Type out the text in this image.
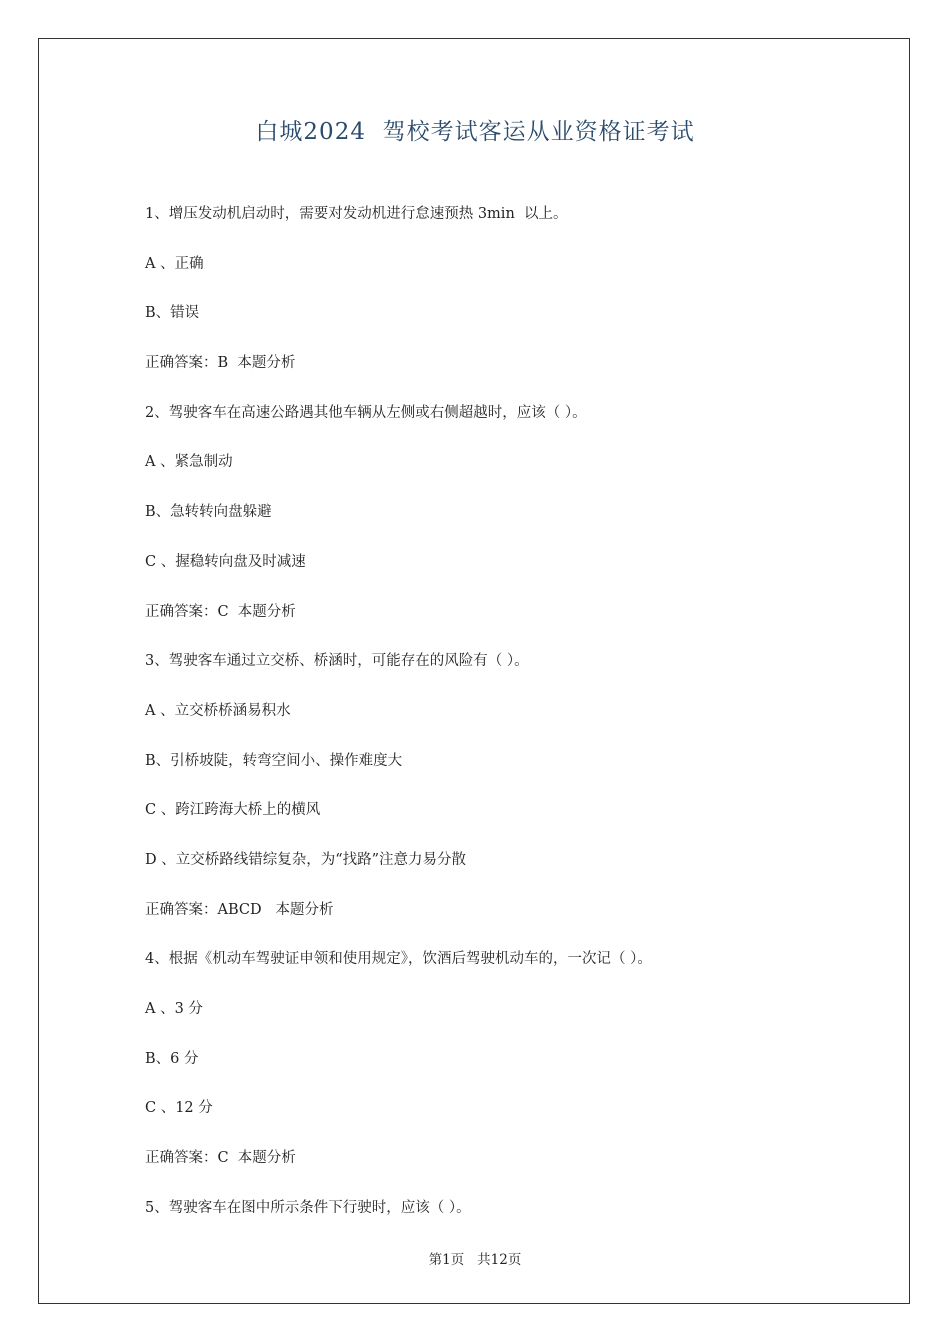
白城2024  驾校考试客运从业资格证考试
1、增压发动机启动时，需要对发动机进行怠速预热 3min  以上。
A 、正确
B、错误
正确答案：B  本题分析
2、驾驶客车在高速公路遇其他车辆从左侧或右侧超越时，应该（ ）。
A 、紧急制动
B、急转转向盘躲避
C 、握稳转向盘及时减速
正确答案：C  本题分析
3、驾驶客车通过立交桥、桥涵时，可能存在的风险有（ ）。
A 、立交桥桥涵易积水
B、引桥坡陡，转弯空间小、操作难度大
C 、跨江跨海大桥上的横风
D 、立交桥路线错综复杂，为“找路”注意力易分散
正确答案：ABCD   本题分析
4、根据《机动车驾驶证申领和使用规定》，饮酒后驾驶机动车的，一次记（ ）。
A 、3 分
B、6 分
C 、12 分
正确答案：C  本题分析
5、驾驶客车在图中所示条件下行驶时，应该（ ）。
第1页   共12页
